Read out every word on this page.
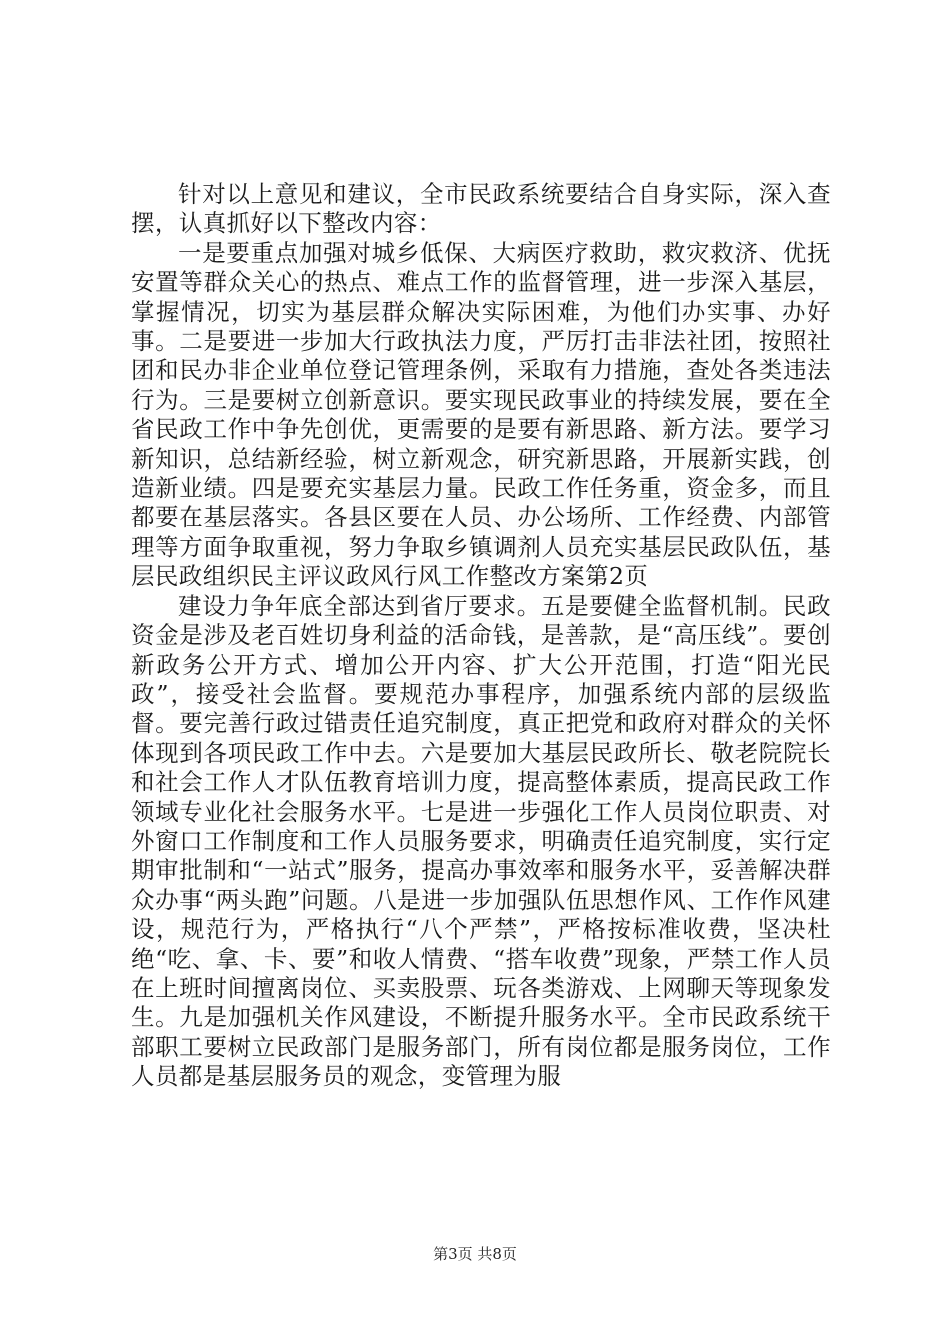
针对以上意见和建议，全市民政系统要结合自身实际，深入查摆，认真抓好以下整改内容：

一是要重点加强对城乡低保、大病医疗救助，救灾救济、优抚安置等群众关心的热点、难点工作的监督管理，进一步深入基层，掌握情况，切实为基层群众解决实际困难，为他们办实事、办好事。二是要进一步加大行政执法力度，严厉打击非法社团，按照社团和民办非企业单位登记管理条例，采取有力措施，查处各类违法行为。三是要树立创新意识。要实现民政事业的持续发展，要在全省民政工作中争先创优，更需要的是要有新思路、新方法。要学习新知识，总结新经验，树立新观念，研究新思路，开展新实践，创造新业绩。四是要充实基层力量。民政工作任务重，资金多，而且都要在基层落实。各县区要在人员、办公场所、工作经费、内部管理等方面争取重视，努力争取乡镇调剂人员充实基层民政队伍，基层民政组织民主评议政风行风工作整改方案第2页

建设力争年底全部达到省厅要求。五是要健全监督机制。民政资金是涉及老百姓切身利益的活命钱，是善款，是“高压线”。要创新政务公开方式、增加公开内容、扩大公开范围，打造“阳光民政”，接受社会监督。要规范办事程序，加强系统内部的层级监督。要完善行政过错责任追究制度，真正把党和政府对群众的关怀体现到各项民政工作中去。六是要加大基层民政所长、敬老院院长和社会工作人才队伍教育培训力度，提高整体素质，提高民政工作领域专业化社会服务水平。七是进一步强化工作人员岗位职责、对外窗口工作制度和工作人员服务要求，明确责任追究制度，实行定期审批制和“一站式”服务，提高办事效率和服务水平，妥善解决群众办事“两头跑”问题。八是进一步加强队伍思想作风、工作作风建设，规范行为，严格执行“八个严禁”，严格按标准收费，坚决杜绝“吃、拿、卡、要”和收人情费、“搭车收费”现象，严禁工作人员在上班时间擅离岗位、买卖股票、玩各类游戏、上网聊天等现象发生。九是加强机关作风建设，不断提升服务水平。全市民政系统干部职工要树立民政部门是服务部门，所有岗位都是服务岗位，工作人员都是基层服务员的观念，变管理为服

第3页 共8页
